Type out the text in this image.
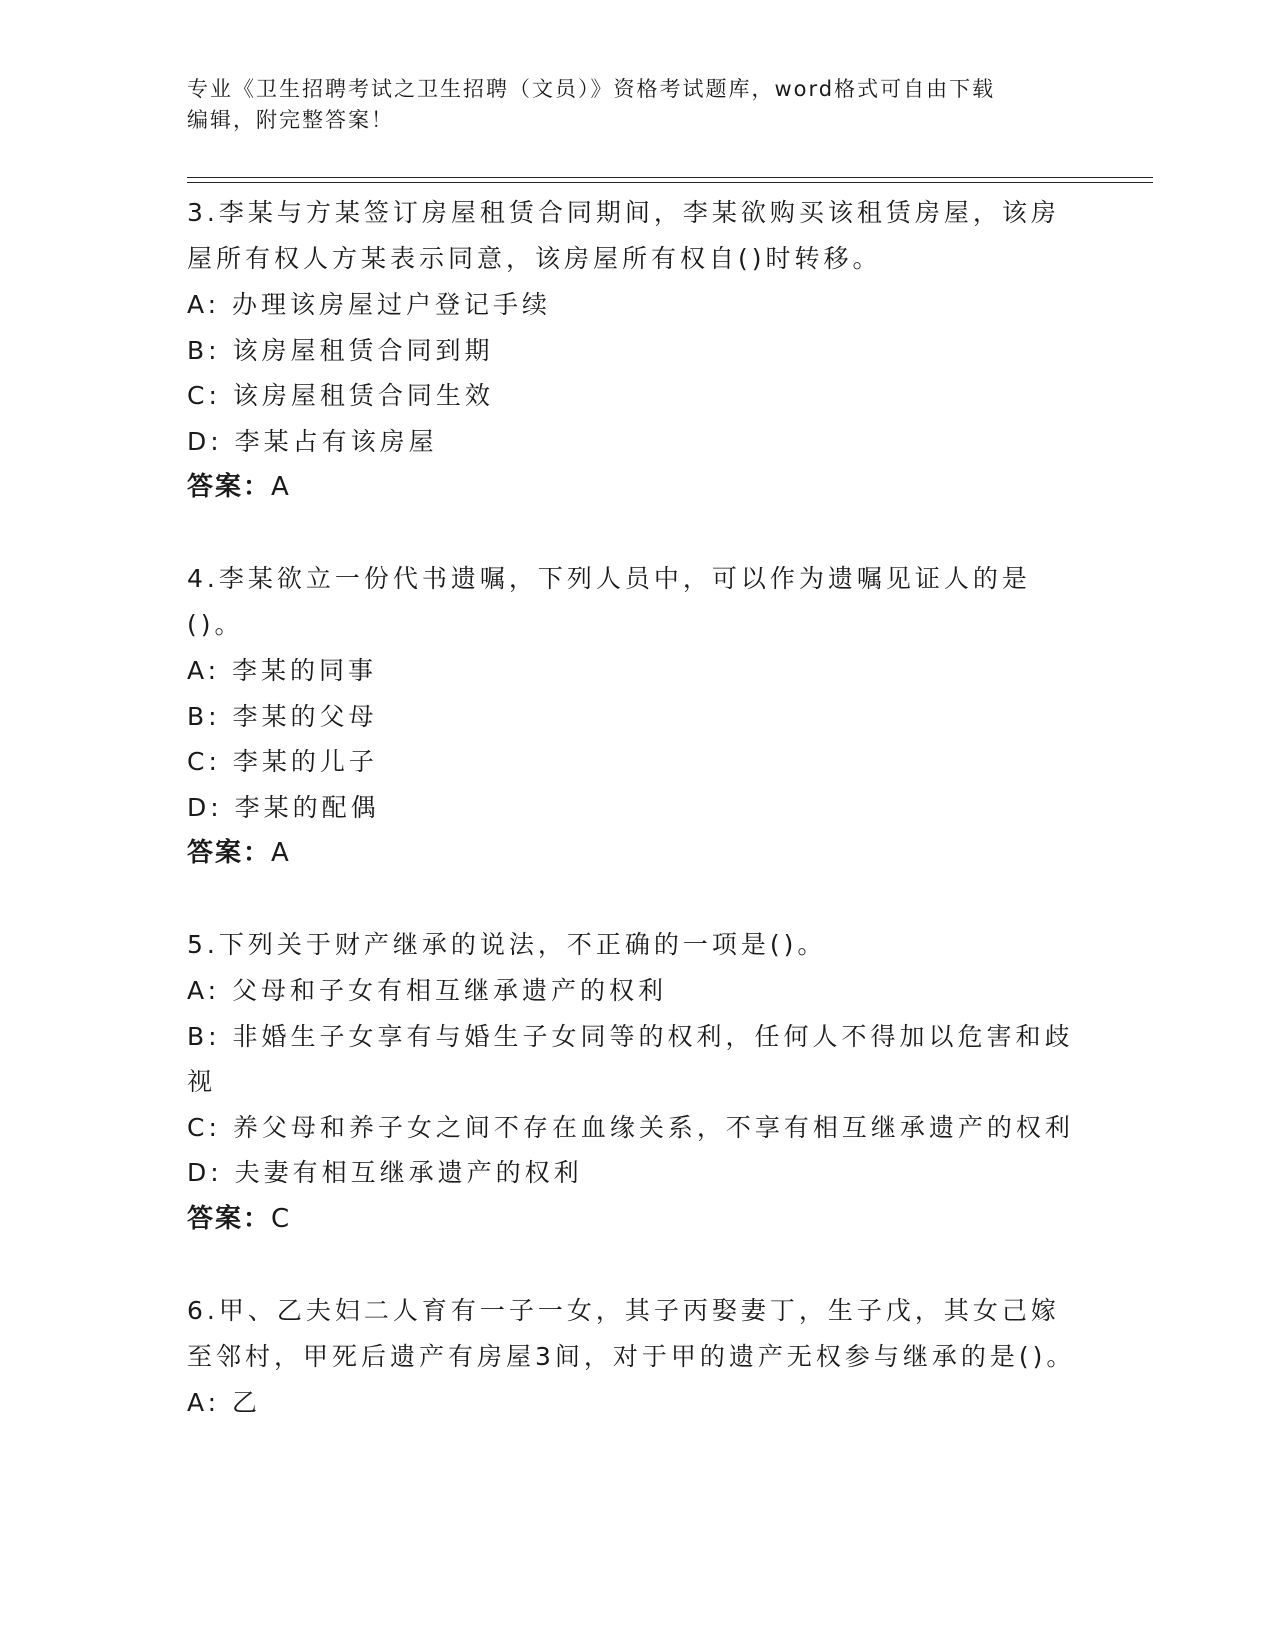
专业《卫生招聘考试之卫生招聘（文员）》资格考试题库，word格式可自由下载
编辑，附完整答案！

3.李某与方某签订房屋租赁合同期间，李某欲购买该租赁房屋，该房屋所有权人方某表示同意，该房屋所有权自()时转移。

A: 办理该房屋过户登记手续

B: 该房屋租赁合同到期

C: 该房屋租赁合同生效

D: 李某占有该房屋

答案：A

4.李某欲立一份代书遗嘱，下列人员中，可以作为遗嘱见证人的是()。

A: 李某的同事

B: 李某的父母

C: 李某的儿子

D: 李某的配偶

答案：A

5.下列关于财产继承的说法，不正确的一项是()。

A: 父母和子女有相互继承遗产的权利

B: 非婚生子女享有与婚生子女同等的权利，任何人不得加以危害和歧视

C: 养父母和养子女之间不存在血缘关系，不享有相互继承遗产的权利

D: 夫妻有相互继承遗产的权利

答案：C

6.甲、乙夫妇二人育有一子一女，其子丙娶妻丁，生子戊，其女己嫁至邻村，甲死后遗产有房屋3间，对于甲的遗产无权参与继承的是()。

A: 乙
